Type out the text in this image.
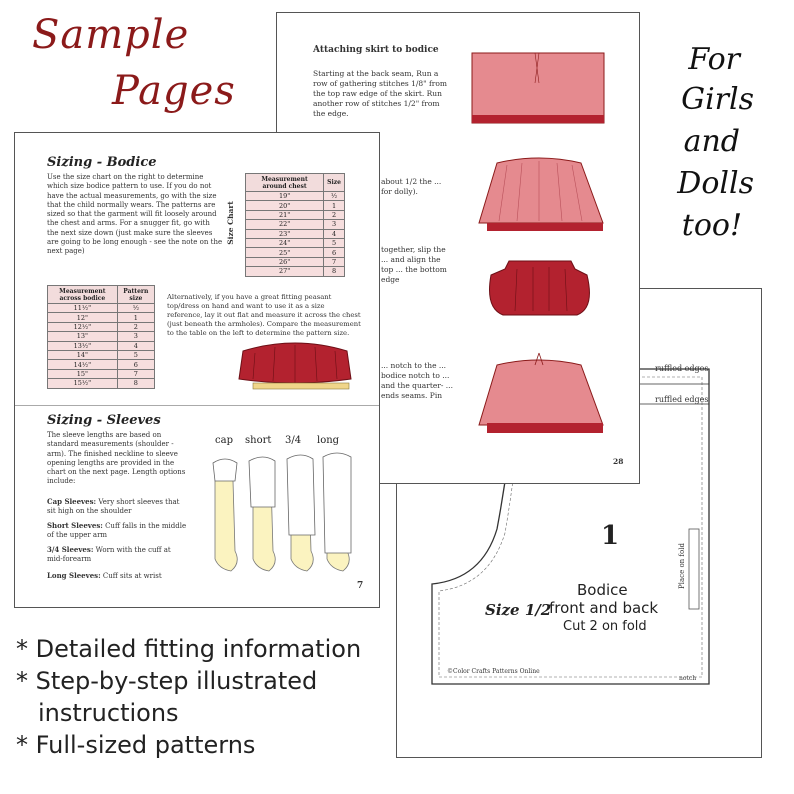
Sample
Pages
ruffled edges
ruffled edges
1
Bodice
front and back
Cut 2 on fold
Size 1/2
Place on fold
©Color Crafts Patterns Online
notch
Attaching skirt to bodice
Starting at the back seam, Run a row of gathering stitches 1/8" from the top raw edge of the skirt. Run another row of stitches 1/2" from the edge.
about 1/2 the ... for dolly).
together, slip the ... and align the top ... the bottom edge
... notch to the ... bodice notch to ... and the quarter- ... ends seams. Pin
28
Sizing - Bodice
Use the size chart on the right to determine which size bodice pattern to use. If you do not have the actual measurements, go with the size that the child normally wears. The patterns are sized so that the garment will fit loosely around the chest and arms. For a snugger fit, go with the next size down (just make sure the sleeves are going to be long enough - see the note on the next page)
Size Chart
Measurement around chest	Size
19"	½
20"	1
21"	2
22"	3
23"	4
24"	5
25"	6
26"	7
27"	8
Measurement across bodice	Pattern size
11½"	½
12"	1
12½"	2
13"	3
13½"	4
14"	5
14½"	6
15"	7
15½"	8
Alternatively, if you have a great fitting peasant top/dress on hand and want to use it as a size reference, lay it out flat and measure it across the chest (just beneath the armholes). Compare the measurement to the table on the left to determine the pattern size.
Sizing - Sleeves
The sleeve lengths are based on standard measurements (shoulder - arm). The finished neckline to sleeve opening lengths are provided in the chart on the next page. Length options include:
Cap Sleeves: Very short sleeves that sit high on the shoulder
Short Sleeves: Cuff falls in the middle of the upper arm
3/4 Sleeves: Worn with the cuff at mid-forearm
Long Sleeves: Cuff sits at wrist
cap short 3/4 long
7
For
Girls
and
Dolls
too!
* Detailed fitting information
* Step-by-step illustrated
instructions
* Full-sized patterns
